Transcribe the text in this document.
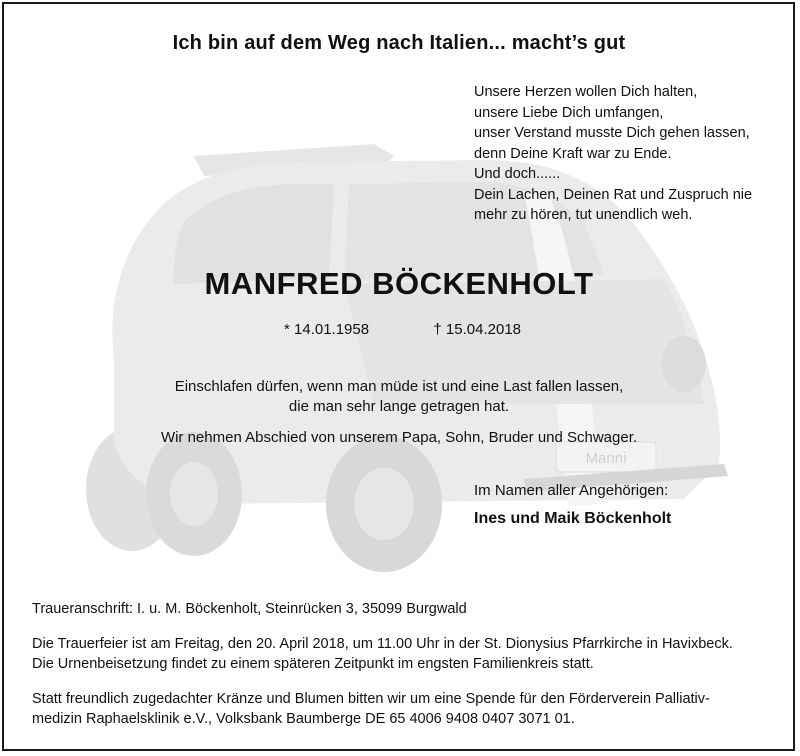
Manni
Ich bin auf dem Weg nach Italien... macht’s gut
Unsere Herzen wollen Dich halten,
unsere Liebe Dich umfangen,
unser Verstand musste Dich gehen lassen,
denn Deine Kraft war zu Ende.
Und doch......
Dein Lachen, Deinen Rat und Zuspruch nie
mehr zu hören, tut unendlich weh.
MANFRED BÖCKENHOLT
* 14.01.1958	† 15.04.2018
Einschlafen dürfen, wenn man müde ist und eine Last fallen lassen,
die man sehr lange getragen hat.
Wir nehmen Abschied von unserem Papa, Sohn, Bruder und Schwager.
Im Namen aller Angehörigen:
Ines und Maik Böckenholt
Traueranschrift: I. u. M. Böckenholt, Steinrücken 3, 35099 Burgwald
Die Trauerfeier ist am Freitag, den 20. April 2018, um 11.00 Uhr in der St. Dionysius Pfarrkirche in Havixbeck.
Die Urnenbeisetzung findet zu einem späteren Zeitpunkt im engsten Familienkreis statt.
Statt freundlich zugedachter Kränze und Blumen bitten wir um eine Spende für den Förderverein Palliativ-
medizin Raphaelsklinik e.V., Volksbank Baumberge DE 65 4006 9408 0407 3071 01.
